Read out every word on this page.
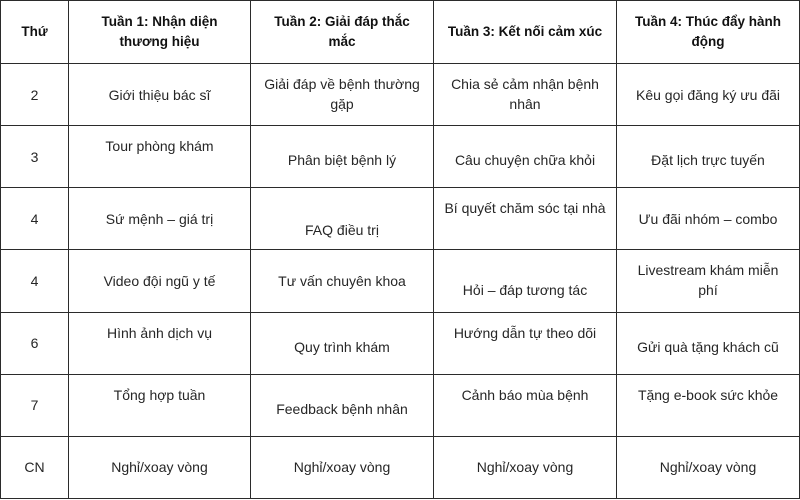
Thứ	Tuần 1: Nhận diện thương hiệu	Tuần 2: Giải đáp thắc mắc	Tuần 3: Kết nối cảm xúc	Tuần 4: Thúc đẩy hành động
2	Giới thiệu bác sĩ	Giải đáp về bệnh thường gặp	Chia sẻ cảm nhận bệnh nhân	Kêu gọi đăng ký ưu đãi
3	Tour phòng khám	Phân biệt bệnh lý	Câu chuyện chữa khỏi	Đặt lịch trực tuyến
4	Sứ mệnh – giá trị	FAQ điều trị	Bí quyết chăm sóc tại nhà	Ưu đãi nhóm – combo
4	Video đội ngũ y tế	Tư vấn chuyên khoa	Hỏi – đáp tương tác	Livestream khám miễn phí
6	Hình ảnh dịch vụ	Quy trình khám	Hướng dẫn tự theo dõi	Gửi quà tặng khách cũ
7	Tổng hợp tuần	Feedback bệnh nhân	Cảnh báo mùa bệnh	Tặng e-book sức khỏe
CN	Nghỉ/xoay vòng	Nghỉ/xoay vòng	Nghỉ/xoay vòng	Nghỉ/xoay vòng
